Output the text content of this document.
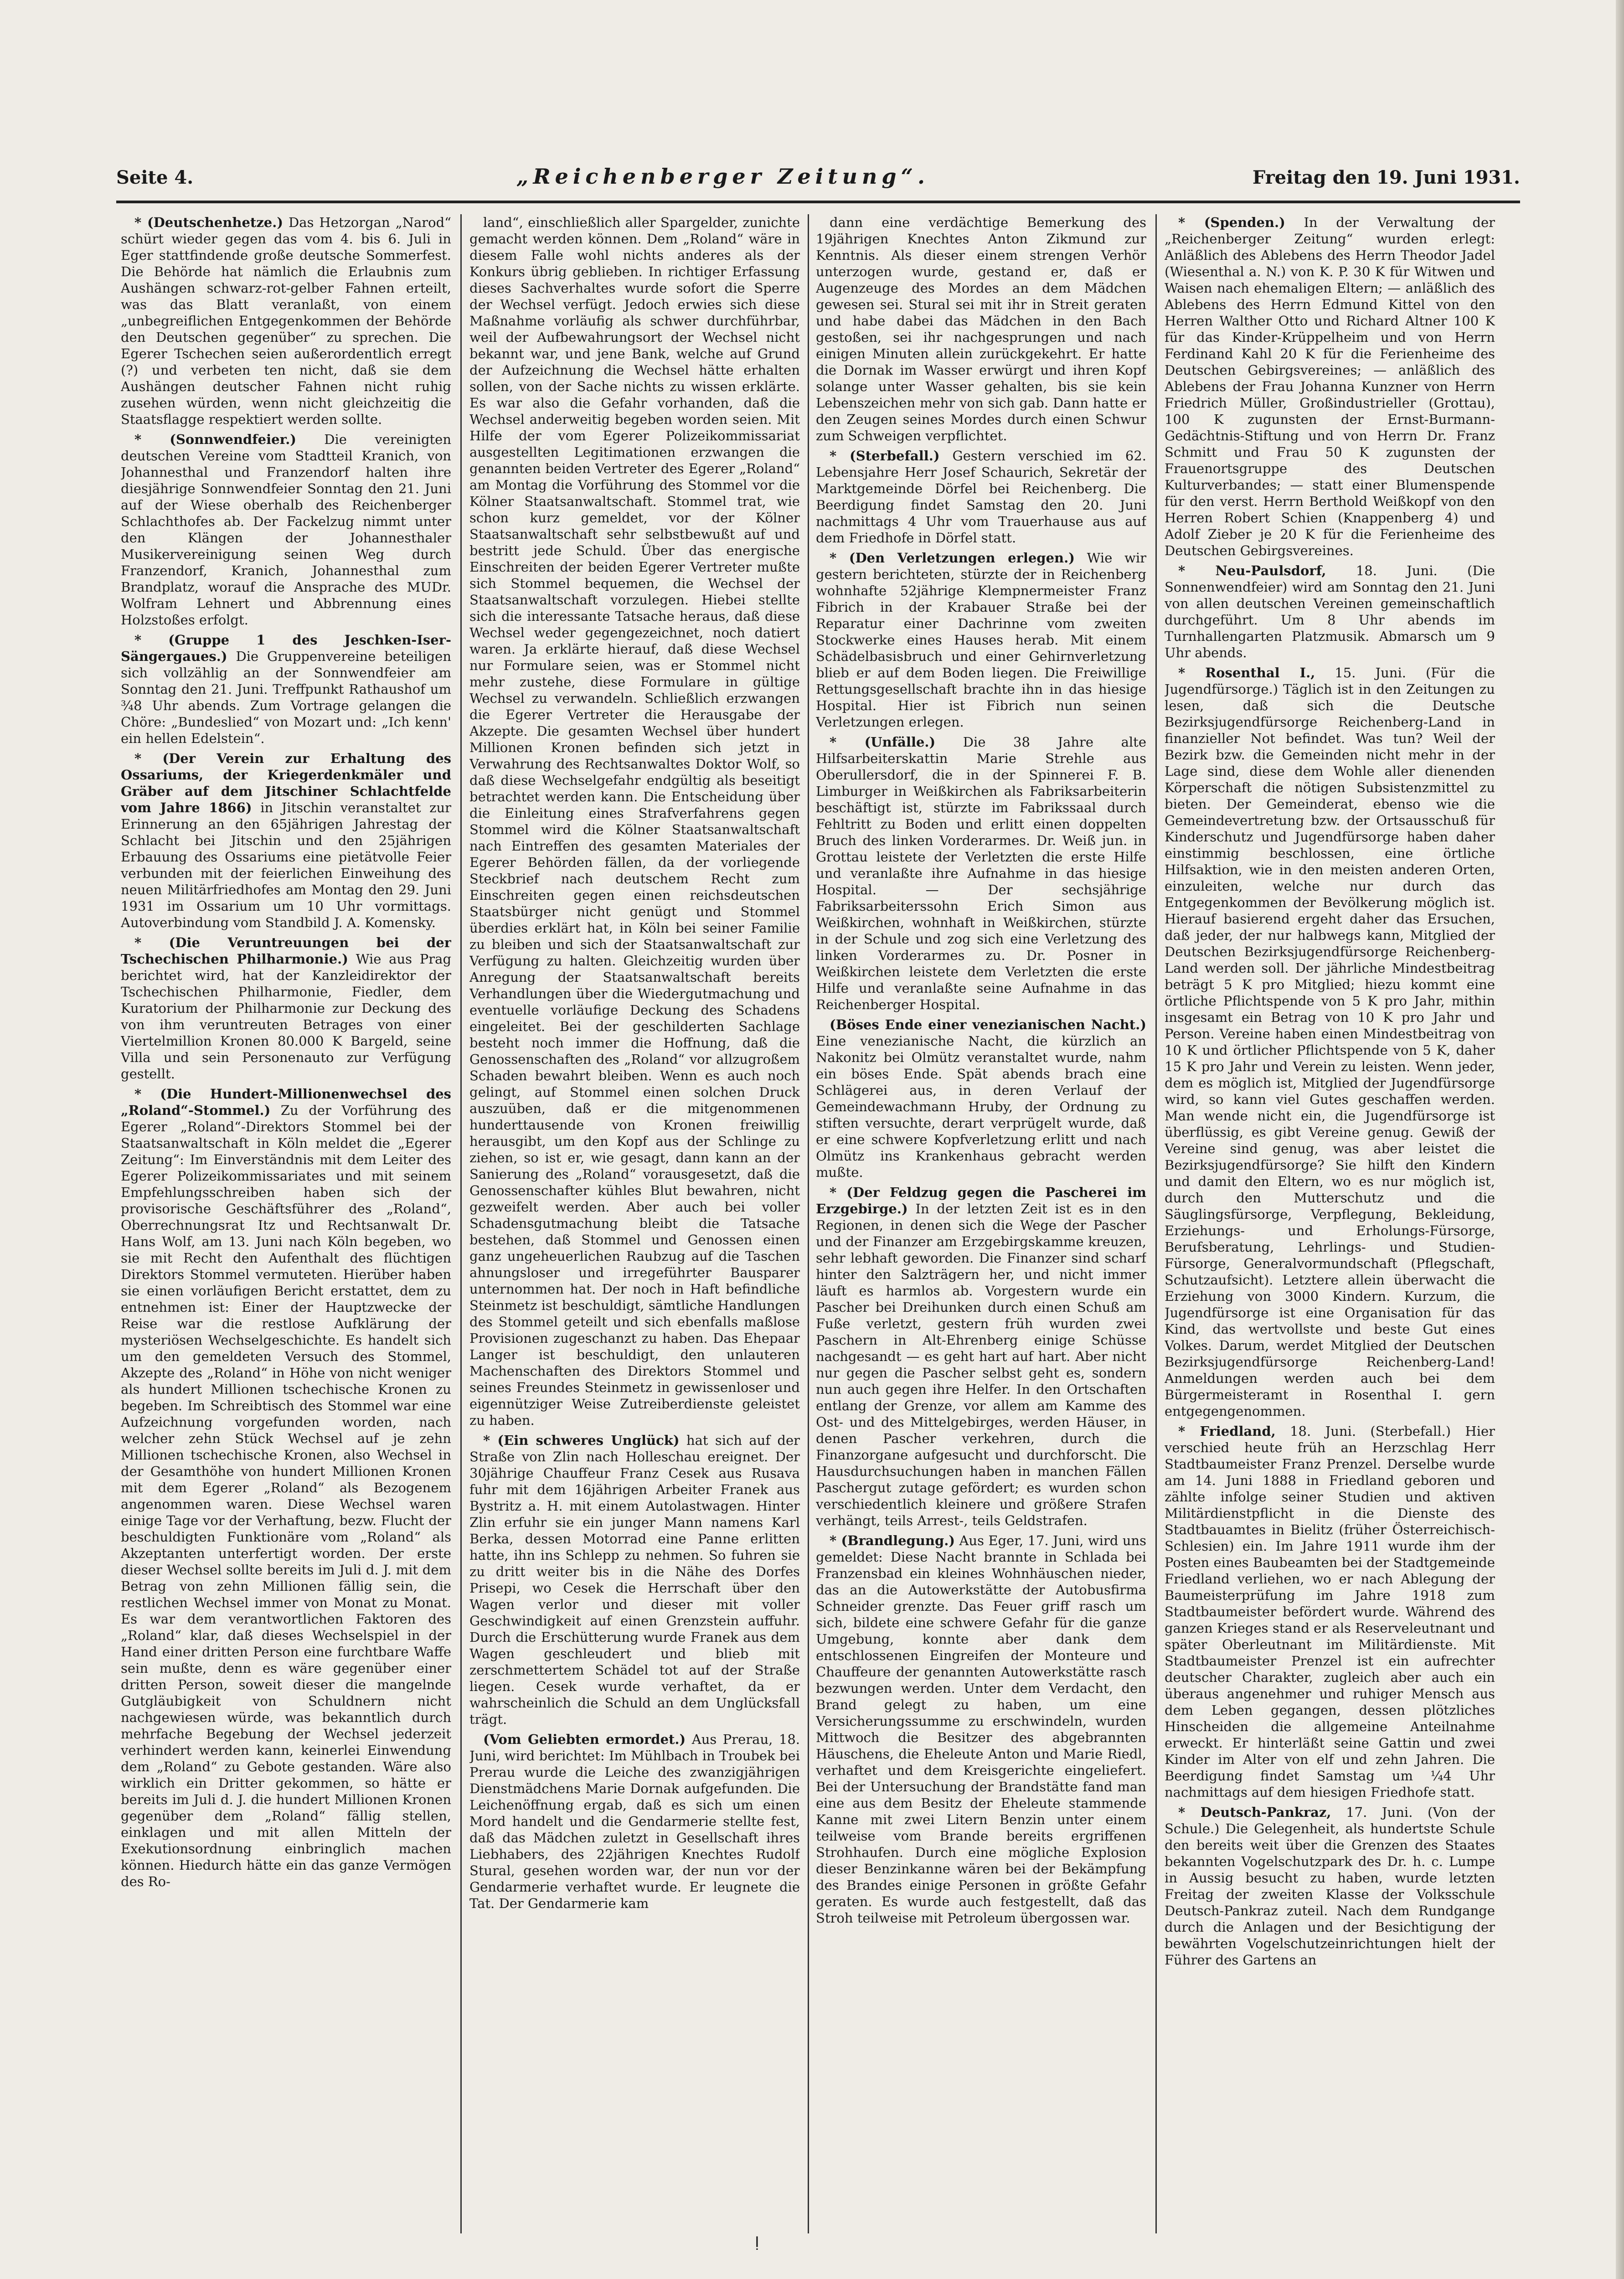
Seite 4.	„Reichenberger Zeitung“.	Freitag den 19. Juni 1931.

* (Deutschenhetze.) Das Hetzorgan „Narod“ schürt wieder gegen das vom 4. bis 6. Juli in Eger stattfindende große deutsche Sommerfest. Die Behörde hat nämlich die Erlaubnis zum Aushängen schwarz-rot-gelber Fahnen erteilt, was das Blatt veranlaßt, von einem „unbegreiflichen Entgegenkommen der Behörde den Deutschen gegenüber“ zu sprechen. Die Egerer Tschechen seien außerordentlich erregt (?) und verbeten ten nicht, daß sie dem Aushängen deutscher Fahnen nicht ruhig zusehen würden, wenn nicht gleichzeitig die Staatsflagge respektiert werden sollte.

* (Sonnwendfeier.) Die vereinigten deutschen Vereine vom Stadtteil Kranich, von Johannesthal und Franzendorf halten ihre diesjährige Sonnwendfeier Sonntag den 21. Juni auf der Wiese oberhalb des Reichenberger Schlachthofes ab. Der Fackelzug nimmt unter den Klängen der Johannesthaler Musikervereinigung seinen Weg durch Franzendorf, Kranich, Johannesthal zum Brandplatz, worauf die Ansprache des MUDr. Wolfram Lehnert und Abbrennung eines Holzstoßes erfolgt.

* (Gruppe 1 des Jeschken-Iser-Sängergaues.) Die Gruppenvereine beteiligen sich vollzählig an der Sonnwendfeier am Sonntag den 21. Juni. Treffpunkt Rathaushof um ¾8 Uhr abends. Zum Vortrage gelangen die Chöre: „Bundeslied“ von Mozart und: „Ich kenn' ein hellen Edelstein“.

* (Der Verein zur Erhaltung des Ossariums, der Kriegerdenkmäler und Gräber auf dem Jitschiner Schlachtfelde vom Jahre 1866) in Jitschin veranstaltet zur Erinnerung an den 65jährigen Jahrestag der Schlacht bei Jitschin und den 25jährigen Erbauung des Ossariums eine pietätvolle Feier verbunden mit der feierlichen Einweihung des neuen Militärfriedhofes am Montag den 29. Juni 1931 im Ossarium um 10 Uhr vormittags. Autoverbindung vom Standbild J. A. Komensky.

* (Die Veruntreuungen bei der Tschechischen Philharmonie.) Wie aus Prag berichtet wird, hat der Kanzleidirektor der Tschechischen Philharmonie, Fiedler, dem Kuratorium der Philharmonie zur Deckung des von ihm veruntreuten Betrages von einer Viertelmillion Kronen 80.000 K Bargeld, seine Villa und sein Personenauto zur Verfügung gestellt.

* (Die Hundert-Millionenwechsel des „Roland“-Stommel.) Zu der Vorführung des Egerer „Roland“-Direktors Stommel bei der Staatsanwaltschaft in Köln meldet die „Egerer Zeitung“: Im Einverständnis mit dem Leiter des Egerer Polizeikommissariates und mit seinem Empfehlungsschreiben haben sich der provisorische Geschäftsführer des „Roland“, Oberrechnungsrat Itz und Rechtsanwalt Dr. Hans Wolf, am 13. Juni nach Köln begeben, wo sie mit Recht den Aufenthalt des flüchtigen Direktors Stommel vermuteten. Hierüber haben sie einen vorläufigen Bericht erstattet, dem zu entnehmen ist: Einer der Hauptzwecke der Reise war die restlose Aufklärung der mysteriösen Wechselgeschichte. Es handelt sich um den gemeldeten Versuch des Stommel, Akzepte des „Roland“ in Höhe von nicht weniger als hundert Millionen tschechische Kronen zu begeben. Im Schreibtisch des Stommel war eine Aufzeichnung vorgefunden worden, nach welcher zehn Stück Wechsel auf je zehn Millionen tschechische Kronen, also Wechsel in der Gesamthöhe von hundert Millionen Kronen mit dem Egerer „Roland“ als Bezogenem angenommen waren. Diese Wechsel waren einige Tage vor der Verhaftung, bezw. Flucht der beschuldigten Funktionäre vom „Roland“ als Akzeptanten unterfertigt worden. Der erste dieser Wechsel sollte bereits im Juli d. J. mit dem Betrag von zehn Millionen fällig sein, die restlichen Wechsel immer von Monat zu Monat. Es war dem verantwortlichen Faktoren des „Roland“ klar, daß dieses Wechselspiel in der Hand einer dritten Person eine furchtbare Waffe sein mußte, denn es wäre gegenüber einer dritten Person, soweit dieser die mangelnde Gutgläubigkeit von Schuldnern nicht nachgewiesen würde, was bekanntlich durch mehrfache Begebung der Wechsel jederzeit verhindert werden kann, keinerlei Einwendung dem „Roland“ zu Gebote gestanden. Wäre also wirklich ein Dritter gekommen, so hätte er bereits im Juli d. J. die hundert Millionen Kronen gegenüber dem „Roland“ fällig stellen, einklagen und mit allen Mitteln der Exekutionsordnung einbringlich machen können. Hiedurch hätte ein das ganze Vermögen des Ro-

land“, einschließlich aller Spargelder, zunichte gemacht werden können. Dem „Roland“ wäre in diesem Falle wohl nichts anderes als der Konkurs übrig geblieben. In richtiger Erfassung dieses Sachverhaltes wurde sofort die Sperre der Wechsel verfügt. Jedoch erwies sich diese Maßnahme vorläufig als schwer durchführbar, weil der Aufbewahrungsort der Wechsel nicht bekannt war, und jene Bank, welche auf Grund der Aufzeichnung die Wechsel hätte erhalten sollen, von der Sache nichts zu wissen erklärte. Es war also die Gefahr vorhanden, daß die Wechsel anderweitig begeben worden seien. Mit Hilfe der vom Egerer Polizeikommissariat ausgestellten Legitimationen erzwangen die genannten beiden Vertreter des Egerer „Roland“ am Montag die Vorführung des Stommel vor die Kölner Staatsanwaltschaft. Stommel trat, wie schon kurz gemeldet, vor der Kölner Staatsanwaltschaft sehr selbstbewußt auf und bestritt jede Schuld. Über das energische Einschreiten der beiden Egerer Vertreter mußte sich Stommel bequemen, die Wechsel der Staatsanwaltschaft vorzulegen. Hiebei stellte sich die interessante Tatsache heraus, daß diese Wechsel weder gegengezeichnet, noch datiert waren. Ja erklärte hierauf, daß diese Wechsel nur Formulare seien, was er Stommel nicht mehr zustehe, diese Formulare in gültige Wechsel zu verwandeln. Schließlich erzwangen die Egerer Vertreter die Herausgabe der Akzepte. Die gesamten Wechsel über hundert Millionen Kronen befinden sich jetzt in Verwahrung des Rechtsanwaltes Doktor Wolf, so daß diese Wechselgefahr endgültig als beseitigt betrachtet werden kann. Die Entscheidung über die Einleitung eines Strafverfahrens gegen Stommel wird die Kölner Staatsanwaltschaft nach Eintreffen des gesamten Materiales der Egerer Behörden fällen, da der vorliegende Steckbrief nach deutschem Recht zum Einschreiten gegen einen reichsdeutschen Staatsbürger nicht genügt und Stommel überdies erklärt hat, in Köln bei seiner Familie zu bleiben und sich der Staatsanwaltschaft zur Verfügung zu halten. Gleichzeitig wurden über Anregung der Staatsanwaltschaft bereits Verhandlungen über die Wiedergutmachung und eventuelle vorläufige Deckung des Schadens eingeleitet. Bei der geschilderten Sachlage besteht noch immer die Hoffnung, daß die Genossenschaften des „Roland“ vor allzugroßem Schaden bewahrt bleiben. Wenn es auch noch gelingt, auf Stommel einen solchen Druck auszuüben, daß er die mitgenommenen hunderttausende von Kronen freiwillig herausgibt, um den Kopf aus der Schlinge zu ziehen, so ist er, wie gesagt, dann kann an der Sanierung des „Roland“ vorausgesetzt, daß die Genossenschafter kühles Blut bewahren, nicht gezweifelt werden. Aber auch bei voller Schadensgutmachung bleibt die Tatsache bestehen, daß Stommel und Genossen einen ganz ungeheuerlichen Raubzug auf die Taschen ahnungsloser und irregeführter Bausparer unternommen hat. Der noch in Haft befindliche Steinmetz ist beschuldigt, sämtliche Handlungen des Stommel geteilt und sich ebenfalls maßlose Provisionen zugeschanzt zu haben. Das Ehepaar Langer ist beschuldigt, den unlauteren Machenschaften des Direktors Stommel und seines Freundes Steinmetz in gewissenloser und eigennütziger Weise Zutreiberdienste geleistet zu haben.

* (Ein schweres Unglück) hat sich auf der Straße von Zlin nach Holleschau ereignet. Der 30jährige Chauffeur Franz Cesek aus Rusava fuhr mit dem 16jährigen Arbeiter Franek aus Bystritz a. H. mit einem Autolastwagen. Hinter Zlin erfuhr sie ein junger Mann namens Karl Berka, dessen Motorrad eine Panne erlitten hatte, ihn ins Schlepp zu nehmen. So fuhren sie zu dritt weiter bis in die Nähe des Dorfes Prisepi, wo Cesek die Herrschaft über den Wagen verlor und dieser mit voller Geschwindigkeit auf einen Grenzstein auffuhr. Durch die Erschütterung wurde Franek aus dem Wagen geschleudert und blieb mit zerschmettertem Schädel tot auf der Straße liegen. Cesek wurde verhaftet, da er wahrscheinlich die Schuld an dem Unglücksfall trägt.

(Vom Geliebten ermordet.) Aus Prerau, 18. Juni, wird berichtet: Im Mühlbach in Troubek bei Prerau wurde die Leiche des zwanzigjährigen Dienstmädchens Marie Dornak aufgefunden. Die Leichenöffnung ergab, daß es sich um einen Mord handelt und die Gendarmerie stellte fest, daß das Mädchen zuletzt in Gesellschaft ihres Liebhabers, des 22jährigen Knechtes Rudolf Stural, gesehen worden war, der nun vor der Gendarmerie verhaftet wurde. Er leugnete die Tat. Der Gendarmerie kam

dann eine verdächtige Bemerkung des 19jährigen Knechtes Anton Zikmund zur Kenntnis. Als dieser einem strengen Verhör unterzogen wurde, gestand er, daß er Augenzeuge des Mordes an dem Mädchen gewesen sei. Stural sei mit ihr in Streit geraten und habe dabei das Mädchen in den Bach gestoßen, sei ihr nachgesprungen und nach einigen Minuten allein zurückgekehrt. Er hatte die Dornak im Wasser erwürgt und ihren Kopf solange unter Wasser gehalten, bis sie kein Lebenszeichen mehr von sich gab. Dann hatte er den Zeugen seines Mordes durch einen Schwur zum Schweigen verpflichtet.

* (Sterbefall.) Gestern verschied im 62. Lebensjahre Herr Josef Schaurich, Sekretär der Marktgemeinde Dörfel bei Reichenberg. Die Beerdigung findet Samstag den 20. Juni nachmittags 4 Uhr vom Trauerhause aus auf dem Friedhofe in Dörfel statt.

* (Den Verletzungen erlegen.) Wie wir gestern berichteten, stürzte der in Reichenberg wohnhafte 52jährige Klempnermeister Franz Fibrich in der Krabauer Straße bei der Reparatur einer Dachrinne vom zweiten Stockwerke eines Hauses herab. Mit einem Schädelbasisbruch und einer Gehirnverletzung blieb er auf dem Boden liegen. Die Freiwillige Rettungsgesellschaft brachte ihn in das hiesige Hospital. Hier ist Fibrich nun seinen Verletzungen erlegen.

* (Unfälle.) Die 38 Jahre alte Hilfsarbeiterskattin Marie Strehle aus Oberullersdorf, die in der Spinnerei F. B. Limburger in Weißkirchen als Fabriksarbeiterin beschäftigt ist, stürzte im Fabrikssaal durch Fehltritt zu Boden und erlitt einen doppelten Bruch des linken Vorderarmes. Dr. Weiß jun. in Grottau leistete der Verletzten die erste Hilfe und veranlaßte ihre Aufnahme in das hiesige Hospital. — Der sechsjährige Fabriksarbeiterssohn Erich Simon aus Weißkirchen, wohnhaft in Weißkirchen, stürzte in der Schule und zog sich eine Verletzung des linken Vorderarmes zu. Dr. Posner in Weißkirchen leistete dem Verletzten die erste Hilfe und veranlaßte seine Aufnahme in das Reichenberger Hospital.

(Böses Ende einer venezianischen Nacht.) Eine venezianische Nacht, die kürzlich an Nakonitz bei Olmütz veranstaltet wurde, nahm ein böses Ende. Spät abends brach eine Schlägerei aus, in deren Verlauf der Gemeindewachmann Hruby, der Ordnung zu stiften versuchte, derart verprügelt wurde, daß er eine schwere Kopfverletzung erlitt und nach Olmütz ins Krankenhaus gebracht werden mußte.

* (Der Feldzug gegen die Pascherei im Erzgebirge.) In der letzten Zeit ist es in den Regionen, in denen sich die Wege der Pascher und der Finanzer am Erzgebirgskamme kreuzen, sehr lebhaft geworden. Die Finanzer sind scharf hinter den Salzträgern her, und nicht immer läuft es harmlos ab. Vorgestern wurde ein Pascher bei Dreihunken durch einen Schuß am Fuße verletzt, gestern früh wurden zwei Paschern in Alt-Ehrenberg einige Schüsse nachgesandt — es geht hart auf hart. Aber nicht nur gegen die Pascher selbst geht es, sondern nun auch gegen ihre Helfer. In den Ortschaften entlang der Grenze, vor allem am Kamme des Ost- und des Mittelgebirges, werden Häuser, in denen Pascher verkehren, durch die Finanzorgane aufgesucht und durchforscht. Die Hausdurchsuchungen haben in manchen Fällen Paschergut zutage gefördert; es wurden schon verschiedentlich kleinere und größere Strafen verhängt, teils Arrest-, teils Geldstrafen.

* (Brandlegung.) Aus Eger, 17. Juni, wird uns gemeldet: Diese Nacht brannte in Schlada bei Franzensbad ein kleines Wohnhäuschen nieder, das an die Autowerkstätte der Autobusfirma Schneider grenzte. Das Feuer griff rasch um sich, bildete eine schwere Gefahr für die ganze Umgebung, konnte aber dank dem entschlossenen Eingreifen der Monteure und Chauffeure der genannten Autowerkstätte rasch bezwungen werden. Unter dem Verdacht, den Brand gelegt zu haben, um eine Versicherungssumme zu erschwindeln, wurden Mittwoch die Besitzer des abgebrannten Häuschens, die Eheleute Anton und Marie Riedl, verhaftet und dem Kreisgerichte eingeliefert. Bei der Untersuchung der Brandstätte fand man eine aus dem Besitz der Eheleute stammende Kanne mit zwei Litern Benzin unter einem teilweise vom Brande bereits ergriffenen Strohhaufen. Durch eine mögliche Explosion dieser Benzinkanne wären bei der Bekämpfung des Brandes einige Personen in größte Gefahr geraten. Es wurde auch festgestellt, daß das Stroh teilweise mit Petroleum übergossen war.

* (Spenden.) In der Verwaltung der „Reichenberger Zeitung“ wurden erlegt: Anläßlich des Ablebens des Herrn Theodor Jadel (Wiesenthal a. N.) von K. P. 30 K für Witwen und Waisen nach ehemaligen Eltern; — anläßlich des Ablebens des Herrn Edmund Kittel von den Herren Walther Otto und Richard Altner 100 K für das Kinder-Krüppelheim und von Herrn Ferdinand Kahl 20 K für die Ferienheime des Deutschen Gebirgsvereines; — anläßlich des Ablebens der Frau Johanna Kunzner von Herrn Friedrich Müller, Großindustrieller (Grottau), 100 K zugunsten der Ernst-Burmann-Gedächtnis-Stiftung und von Herrn Dr. Franz Schmitt und Frau 50 K zugunsten der Frauenortsgruppe des Deutschen Kulturverbandes; — statt einer Blumenspende für den verst. Herrn Berthold Weißkopf von den Herren Robert Schien (Knappenberg 4) und Adolf Zieber je 20 K für die Ferienheime des Deutschen Gebirgsvereines.

* Neu-Paulsdorf, 18. Juni. (Die Sonnenwendfeier) wird am Sonntag den 21. Juni von allen deutschen Vereinen gemeinschaftlich durchgeführt. Um 8 Uhr abends im Turnhallengarten Platzmusik. Abmarsch um 9 Uhr abends.

* Rosenthal I., 15. Juni. (Für die Jugendfürsorge.) Täglich ist in den Zeitungen zu lesen, daß sich die Deutsche Bezirksjugendfürsorge Reichenberg-Land in finanzieller Not befindet. Was tun? Weil der Bezirk bzw. die Gemeinden nicht mehr in der Lage sind, diese dem Wohle aller dienenden Körperschaft die nötigen Subsistenzmittel zu bieten. Der Gemeinderat, ebenso wie die Gemeindevertretung bzw. der Ortsausschuß für Kinderschutz und Jugendfürsorge haben daher einstimmig beschlossen, eine örtliche Hilfsaktion, wie in den meisten anderen Orten, einzuleiten, welche nur durch das Entgegenkommen der Bevölkerung möglich ist. Hierauf basierend ergeht daher das Ersuchen, daß jeder, der nur halbwegs kann, Mitglied der Deutschen Bezirksjugendfürsorge Reichenberg-Land werden soll. Der jährliche Mindestbeitrag beträgt 5 K pro Mitglied; hiezu kommt eine örtliche Pflichtspende von 5 K pro Jahr, mithin insgesamt ein Betrag von 10 K pro Jahr und Person. Vereine haben einen Mindestbeitrag von 10 K und örtlicher Pflichtspende von 5 K, daher 15 K pro Jahr und Verein zu leisten. Wenn jeder, dem es möglich ist, Mitglied der Jugendfürsorge wird, so kann viel Gutes geschaffen werden. Man wende nicht ein, die Jugendfürsorge ist überflüssig, es gibt Vereine genug. Gewiß der Vereine sind genug, was aber leistet die Bezirksjugendfürsorge? Sie hilft den Kindern und damit den Eltern, wo es nur möglich ist, durch den Mutterschutz und die Säuglingsfürsorge, Verpflegung, Bekleidung, Erziehungs- und Erholungs-Fürsorge, Berufsberatung, Lehrlings- und Studien-Fürsorge, Generalvormundschaft (Pflegschaft, Schutzaufsicht). Letztere allein überwacht die Erziehung von 3000 Kindern. Kurzum, die Jugendfürsorge ist eine Organisation für das Kind, das wertvollste und beste Gut eines Volkes. Darum, werdet Mitglied der Deutschen Bezirksjugendfürsorge Reichenberg-Land! Anmeldungen werden auch bei dem Bürgermeisteramt in Rosenthal I. gern entgegengenommen.

* Friedland, 18. Juni. (Sterbefall.) Hier verschied heute früh an Herzschlag Herr Stadtbaumeister Franz Prenzel. Derselbe wurde am 14. Juni 1888 in Friedland geboren und zählte infolge seiner Studien und aktiven Militärdienstpflicht in die Dienste des Stadtbauamtes in Bielitz (früher Österreichisch-Schlesien) ein. Im Jahre 1911 wurde ihm der Posten eines Baubeamten bei der Stadtgemeinde Friedland verliehen, wo er nach Ablegung der Baumeisterprüfung im Jahre 1918 zum Stadtbaumeister befördert wurde. Während des ganzen Krieges stand er als Reserveleutnant und später Oberleutnant im Militärdienste. Mit Stadtbaumeister Prenzel ist ein aufrechter deutscher Charakter, zugleich aber auch ein überaus angenehmer und ruhiger Mensch aus dem Leben gegangen, dessen plötzliches Hinscheiden die allgemeine Anteilnahme erweckt. Er hinterläßt seine Gattin und zwei Kinder im Alter von elf und zehn Jahren. Die Beerdigung findet Samstag um ¼4 Uhr nachmittags auf dem hiesigen Friedhofe statt.

* Deutsch-Pankraz, 17. Juni. (Von der Schule.) Die Gelegenheit, als hundertste Schule den bereits weit über die Grenzen des Staates bekannten Vogelschutzpark des Dr. h. c. Lumpe in Aussig besucht zu haben, wurde letzten Freitag der zweiten Klasse der Volksschule Deutsch-Pankraz zuteil. Nach dem Rundgange durch die Anlagen und der Besichtigung der bewährten Vogelschutzeinrichtungen hielt der Führer des Gartens an

ǃ
